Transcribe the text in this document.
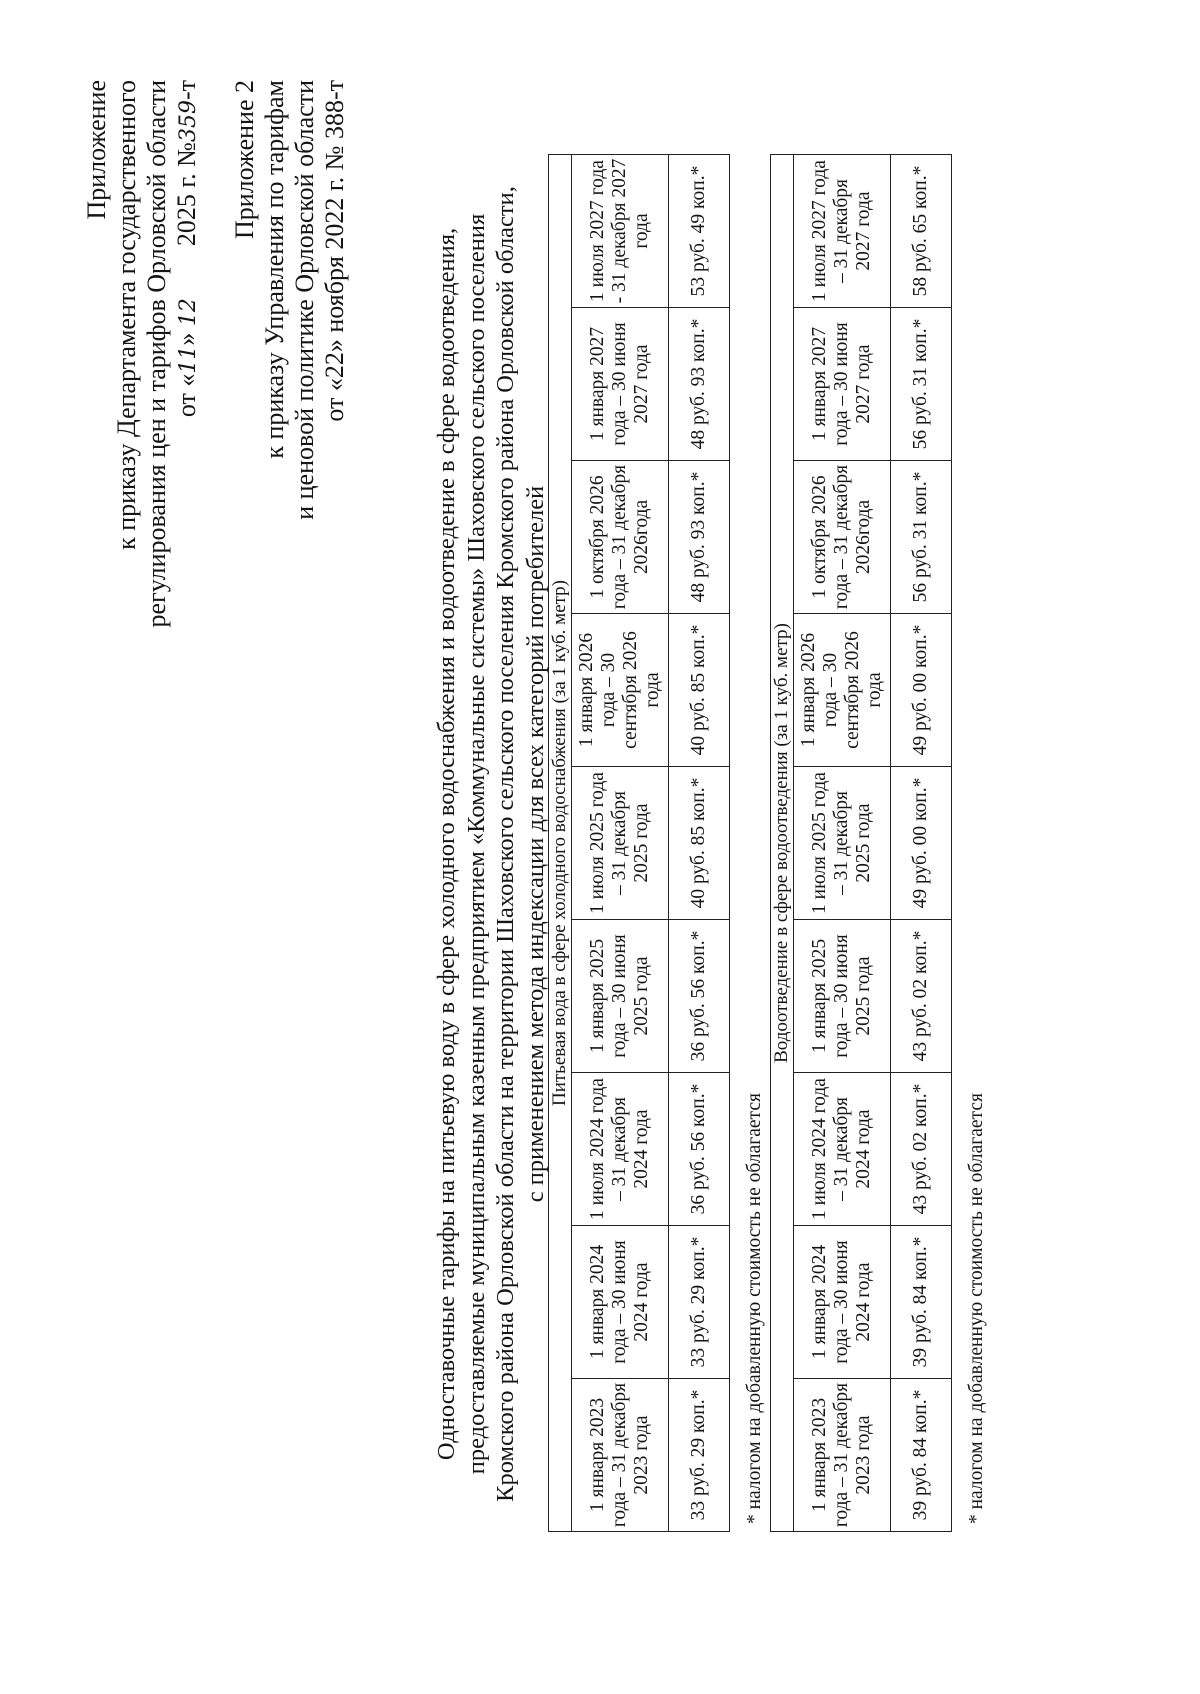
Приложение к приказу Департамента государственного регулирования цен и тарифов Орловской области от «11» 12        2025 г. №359-т Приложение 2 к приказу Управления по тарифам и ценовой политике Орловской области от «22» ноября 2022 г. № 388-т	Одноставочные тарифы на питьевую воду в сфере холодного водоснабжения и водоотведение в сфере водоотведения, предоставляемые муниципальным казенным предприятием «Коммунальные системы» Шаховского сельского поселения Кромского района Орловской области на территории Шаховского сельского поселения Кромского района Орловской области, с применением метода индексации для всех категорий потребителей Питьевая вода в сфере холодного водоснабжения (за 1 куб. метр)								
1 января 2023 года – 31 декабря 2023 года	1 января 2024 года – 30 июня 2024 года	1 июля 2024 года – 31 декабря 2024 года	1 января 2025 года – 30 июня 2025 года	1 июля 2025 года – 31 декабря 2025 года	1 января 2026 года – 30 сентября 2026 года	1 октября 2026 года – 31 декабря 2026года	1 января 2027 года – 30 июня 2027 года	1 июля 2027 года - 31 декабря 2027 года
33 руб. 29 коп.*	33 руб. 29 коп.*	36 руб. 56 коп.*	36 руб. 56 коп.*	40 руб. 85 коп.*	40 руб. 85 коп.*	48 руб. 93 коп.*	48 руб. 93 коп.*	53 руб. 49 коп.*
* налогом на добавленную стоимость не облагается
Водоотведение в сфере водоотведения (за 1 куб. метр)								
1 января 2023 года – 31 декабря 2023 года	1 января 2024 года – 30 июня 2024 года	1 июля 2024 года – 31 декабря 2024 года	1 января 2025 года – 30 июня 2025 года	1 июля 2025 года – 31 декабря 2025 года	1 января 2026 года – 30 сентября 2026 года	1 октября 2026 года – 31 декабря 2026года	1 января 2027 года – 30 июня 2027 года	1 июля 2027 года – 31 декабря 2027 года
39 руб. 84 коп.*	39 руб. 84 коп.*	43 руб. 02 коп.*	43 руб. 02 коп.*	49 руб. 00 коп.*	49 руб. 00 коп.*	56 руб. 31 коп.*	56 руб. 31 коп.*	58 руб. 65 коп.*
* налогом на добавленную стоимость не облагается
